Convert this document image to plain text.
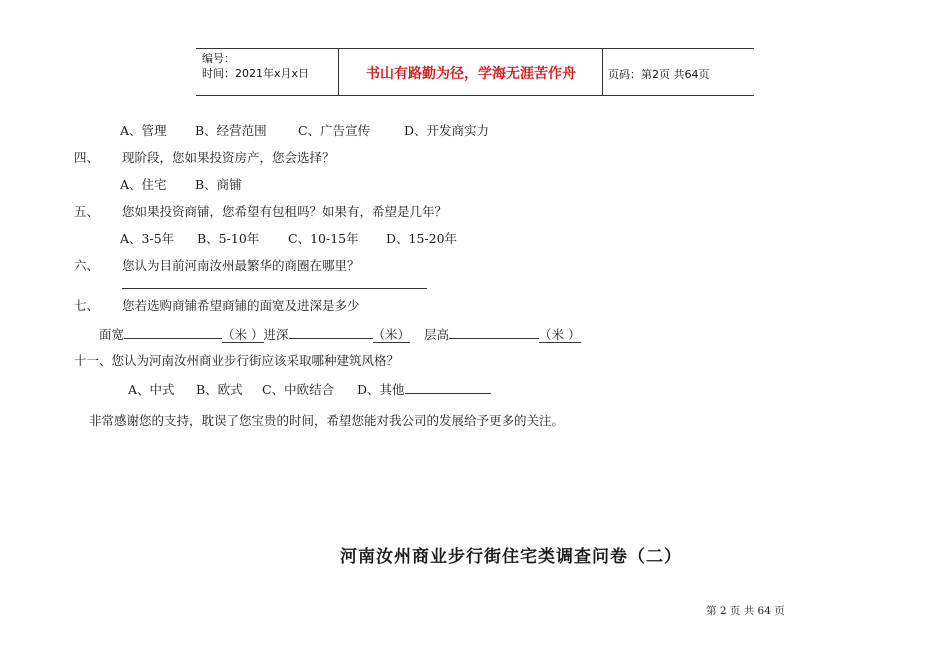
编号：
时间：2021年x月x日	书山有路勤为径，学海无涯苦作舟	页码：第2页 共64页
A、管理 B、经营范围	C、广告宣传	D、开发商实力
四、 现阶段，您如果投资房产，您会选择？
A、住宅 B、商铺
五、 您如果投资商铺，您希望有包租吗？如果有，希望是几年？
A、3-5年 B、5-10年 C、10-15年 D、15-20年
六、 您认为目前河南汝州最繁华的商圈在哪里？
七、 您若选购商铺希望商铺的面宽及进深是多少
面宽	（米 ）进深	（米） 层高	（米 ）
十一、您认为河南汝州商业步行街应该采取哪种建筑风格？
A、中式 B、欧式 C、中欧结合 D、其他
非常感谢您的支持，耽误了您宝贵的时间，希望您能对我公司的发展给予更多的关注。
河南汝州商业步行街住宅类调查问卷（二）
第 2 页 共 64 页
